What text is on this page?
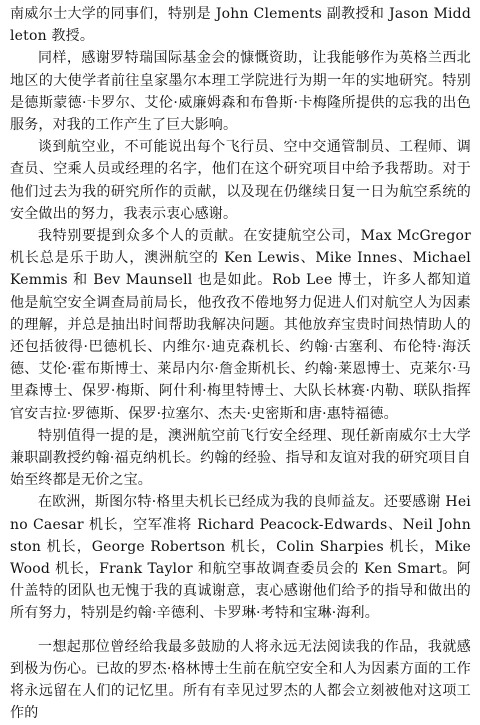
南威尔士大学的同事们，特别是 John Clements 副教授和 Jason Middleton 教授。

同样，感谢罗特瑞国际基金会的慷慨资助，让我能够作为英格兰西北地区的大使学者前往皇家墨尔本理工学院进行为期一年的实地研究。特别是德斯蒙德·卡罗尔、艾伦·威廉姆森和布鲁斯·卡梅隆所提供的忘我的出色服务，对我的工作产生了巨大影响。

谈到航空业，不可能说出每个飞行员、空中交通管制员、工程师、调查员、空乘人员或经理的名字，他们在这个研究项目中给予我帮助。对于他们过去为我的研究所作的贡献，以及现在仍继续日复一日为航空系统的安全做出的努力，我表示衷心感谢。

我特别要提到众多个人的贡献。在安捷航空公司，Max McGregor 机长总是乐于助人，澳洲航空的 Ken Lewis、Mike Innes、Michael Kemmis 和 Bev Maunsell 也是如此。Rob Lee 博士，许多人都知道他是航空安全调查局前局长，他孜孜不倦地努力促进人们对航空人为因素的理解，并总是抽出时间帮助我解决问题。其他放弃宝贵时间热情助人的还包括彼得·巴德机长、内维尔·迪克森机长、约翰·古塞利、布伦特·海沃德、艾伦·霍布斯博士、莱昂内尔·詹金斯机长、约翰·莱恩博士、克莱尔·马里森博士、保罗·梅斯、阿什利·梅里特博士、大队长林赛·内勒、联队指挥官安吉拉·罗德斯、保罗·拉塞尔、杰夫·史密斯和唐·惠特福德。

特别值得一提的是，澳洲航空前飞行安全经理、现任新南威尔士大学兼职副教授约翰·福克纳机长。约翰的经验、指导和友谊对我的研究项目自始至终都是无价之宝。

在欧洲，斯图尔特·格里夫机长已经成为我的良师益友。还要感谢 Heino Caesar 机长，空军准将 Richard Peacock-Edwards、Neil Johnston 机长，George Robertson 机长，Colin Sharpies 机长，Mike Wood 机长，Frank Taylor 和航空事故调查委员会的 Ken Smart。阿什盖特的团队也无愧于我的真诚谢意，衷心感谢他们给予的指导和做出的所有努力，特别是约翰·辛德利、卡罗琳·考特和宝琳·海利。

一想起那位曾经给我最多鼓励的人将永远无法阅读我的作品，我就感到极为伤心。已故的罗杰·格林博士生前在航空安全和人为因素方面的工作将永远留在人们的记忆里。所有有幸见过罗杰的人都会立刻被他对这项工作的
